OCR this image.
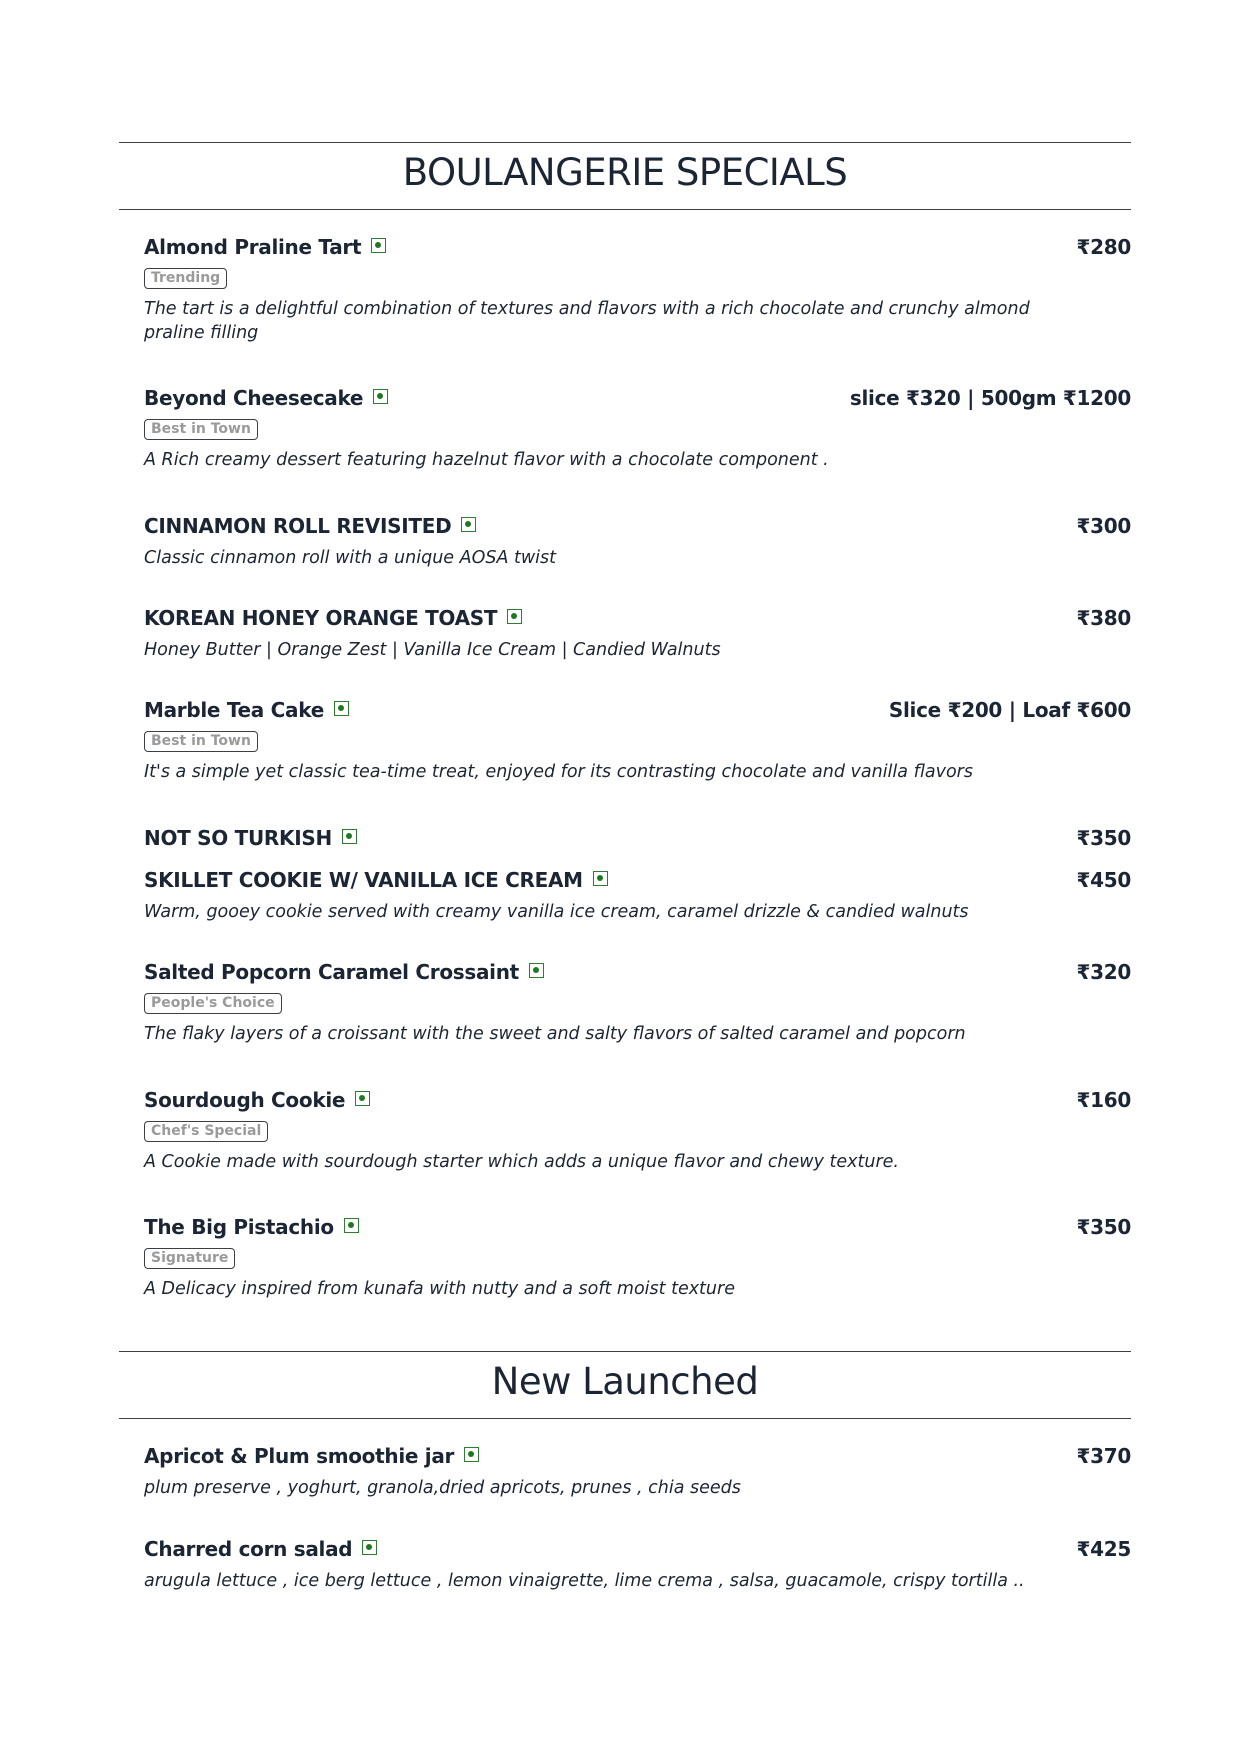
BOULANGERIE SPECIALS
Almond Praline Tart	₹280
Trending
The tart is a delightful combination of textures and flavors with a rich chocolate and crunchy almond praline filling
Beyond Cheesecake	slice ₹320 | 500gm ₹1200
Best in Town
A Rich creamy dessert featuring hazelnut flavor with a chocolate component .
CINNAMON ROLL REVISITED	₹300
Classic cinnamon roll with a unique AOSA twist
KOREAN HONEY ORANGE TOAST	₹380
Honey Butter | Orange Zest | Vanilla Ice Cream | Candied Walnuts
Marble Tea Cake	Slice ₹200 | Loaf ₹600
Best in Town
It's a simple yet classic tea-time treat, enjoyed for its contrasting chocolate and vanilla flavors
NOT SO TURKISH	₹350
SKILLET COOKIE W/ VANILLA ICE CREAM	₹450
Warm, gooey cookie served with creamy vanilla ice cream, caramel drizzle & candied walnuts
Salted Popcorn Caramel Crossaint	₹320
People's Choice
The flaky layers of a croissant with the sweet and salty flavors of salted caramel and popcorn
Sourdough Cookie	₹160
Chef's Special
A Cookie made with sourdough starter which adds a unique flavor and chewy texture.
The Big Pistachio	₹350
Signature
A Delicacy inspired from kunafa with nutty and a soft moist texture
New Launched
Apricot & Plum smoothie jar	₹370
plum preserve , yoghurt, granola,dried apricots, prunes , chia seeds
Charred corn salad	₹425
arugula lettuce , ice berg lettuce , lemon vinaigrette, lime crema , salsa, guacamole, crispy tortilla ..
